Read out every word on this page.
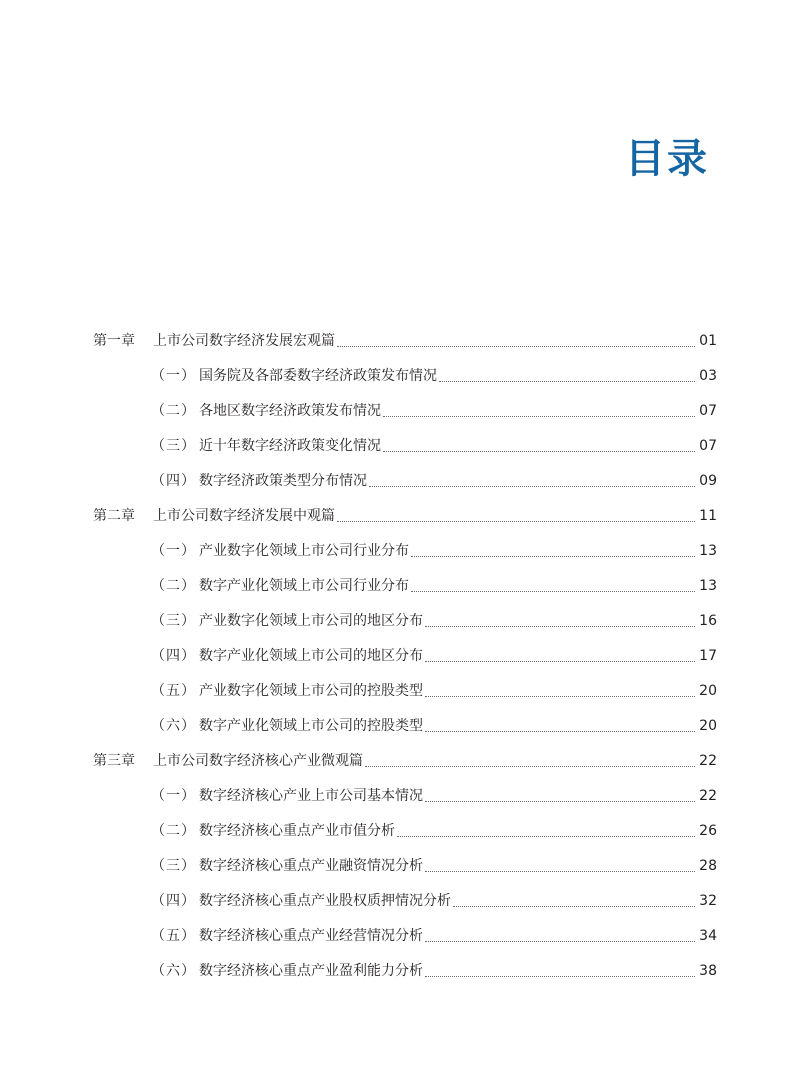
目录
第一章	上市公司数字经济发展宏观篇	01
（一） 国务院及各部委数字经济政策发布情况	03
（二） 各地区数字经济政策发布情况	07
（三） 近十年数字经济政策变化情况	07
（四） 数字经济政策类型分布情况	09
第二章	上市公司数字经济发展中观篇	11
（一） 产业数字化领域上市公司行业分布	13
（二） 数字产业化领域上市公司行业分布	13
（三） 产业数字化领域上市公司的地区分布	16
（四） 数字产业化领域上市公司的地区分布	17
（五） 产业数字化领域上市公司的控股类型	20
（六） 数字产业化领域上市公司的控股类型	20
第三章	上市公司数字经济核心产业微观篇	22
（一） 数字经济核心产业上市公司基本情况	22
（二） 数字经济核心重点产业市值分析	26
（三） 数字经济核心重点产业融资情况分析	28
（四） 数字经济核心重点产业股权质押情况分析	32
（五） 数字经济核心重点产业经营情况分析	34
（六） 数字经济核心重点产业盈利能力分析	38
